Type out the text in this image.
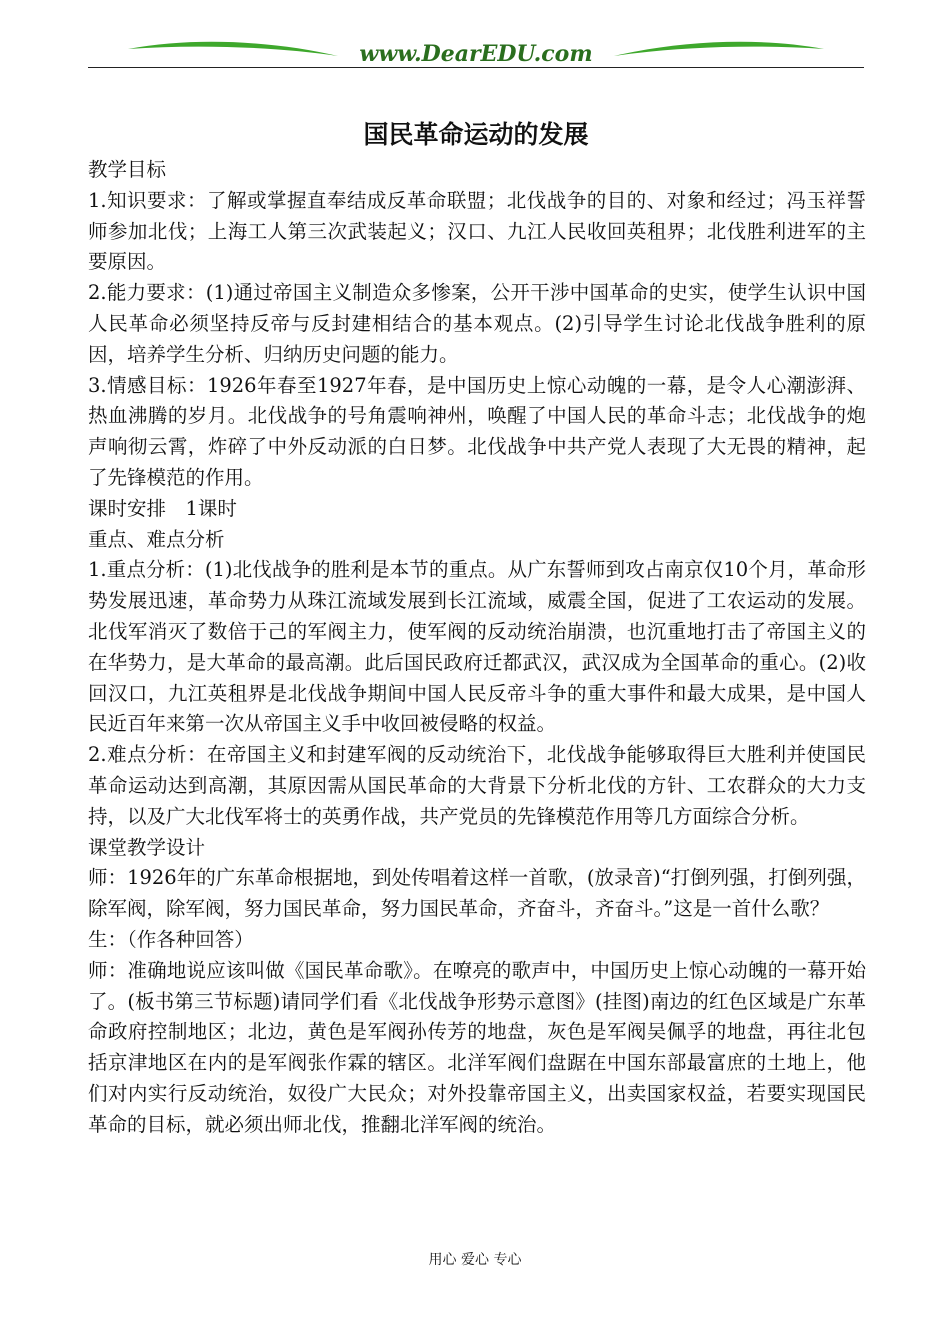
www.DearEDU.com
国民革命运动的发展

教学目标

1.知识要求：了解或掌握直奉结成反革命联盟；北伐战争的目的、对象和经过；冯玉祥誓师参加北伐；上海工人第三次武装起义；汉口、九江人民收回英租界；北伐胜利进军的主要原因。

2.能力要求：(1)通过帝国主义制造众多惨案，公开干涉中国革命的史实，使学生认识中国人民革命必须坚持反帝与反封建相结合的基本观点。(2)引导学生讨论北伐战争胜利的原因，培养学生分析、归纳历史问题的能力。

3.情感目标：1926年春至1927年春，是中国历史上惊心动魄的一幕，是令人心潮澎湃、热血沸腾的岁月。北伐战争的号角震响神州，唤醒了中国人民的革命斗志；北伐战争的炮声响彻云霄，炸碎了中外反动派的白日梦。北伐战争中共产党人表现了大无畏的精神，起了先锋模范的作用。

课时安排　1课时

重点、难点分析

1.重点分析：(1)北伐战争的胜利是本节的重点。从广东誓师到攻占南京仅10个月，革命形势发展迅速，革命势力从珠江流域发展到长江流域，威震全国，促进了工农运动的发展。北伐军消灭了数倍于己的军阀主力，使军阀的反动统治崩溃，也沉重地打击了帝国主义的在华势力，是大革命的最高潮。此后国民政府迁都武汉，武汉成为全国革命的重心。(2)收回汉口，九江英租界是北伐战争期间中国人民反帝斗争的重大事件和最大成果，是中国人民近百年来第一次从帝国主义手中收回被侵略的权益。

2.难点分析：在帝国主义和封建军阀的反动统治下，北伐战争能够取得巨大胜利并使国民革命运动达到高潮，其原因需从国民革命的大背景下分析北伐的方针、工农群众的大力支持，以及广大北伐军将士的英勇作战，共产党员的先锋模范作用等几方面综合分析。

课堂教学设计

师：1926年的广东革命根据地，到处传唱着这样一首歌，(放录音)“打倒列强，打倒列强，除军阀，除军阀，努力国民革命，努力国民革命，齐奋斗，齐奋斗。”这是一首什么歌？

生：（作各种回答）

师：准确地说应该叫做《国民革命歌》。在嘹亮的歌声中，中国历史上惊心动魄的一幕开始了。(板书第三节标题)请同学们看《北伐战争形势示意图》(挂图)南边的红色区域是广东革命政府控制地区；北边，黄色是军阀孙传芳的地盘，灰色是军阀吴佩孚的地盘，再往北包括京津地区在内的是军阀张作霖的辖区。北洋军阀们盘踞在中国东部最富庶的土地上，他们对内实行反动统治，奴役广大民众；对外投靠帝国主义，出卖国家权益，若要实现国民革命的目标，就必须出师北伐，推翻北洋军阀的统治。

用心 爱心 专心
